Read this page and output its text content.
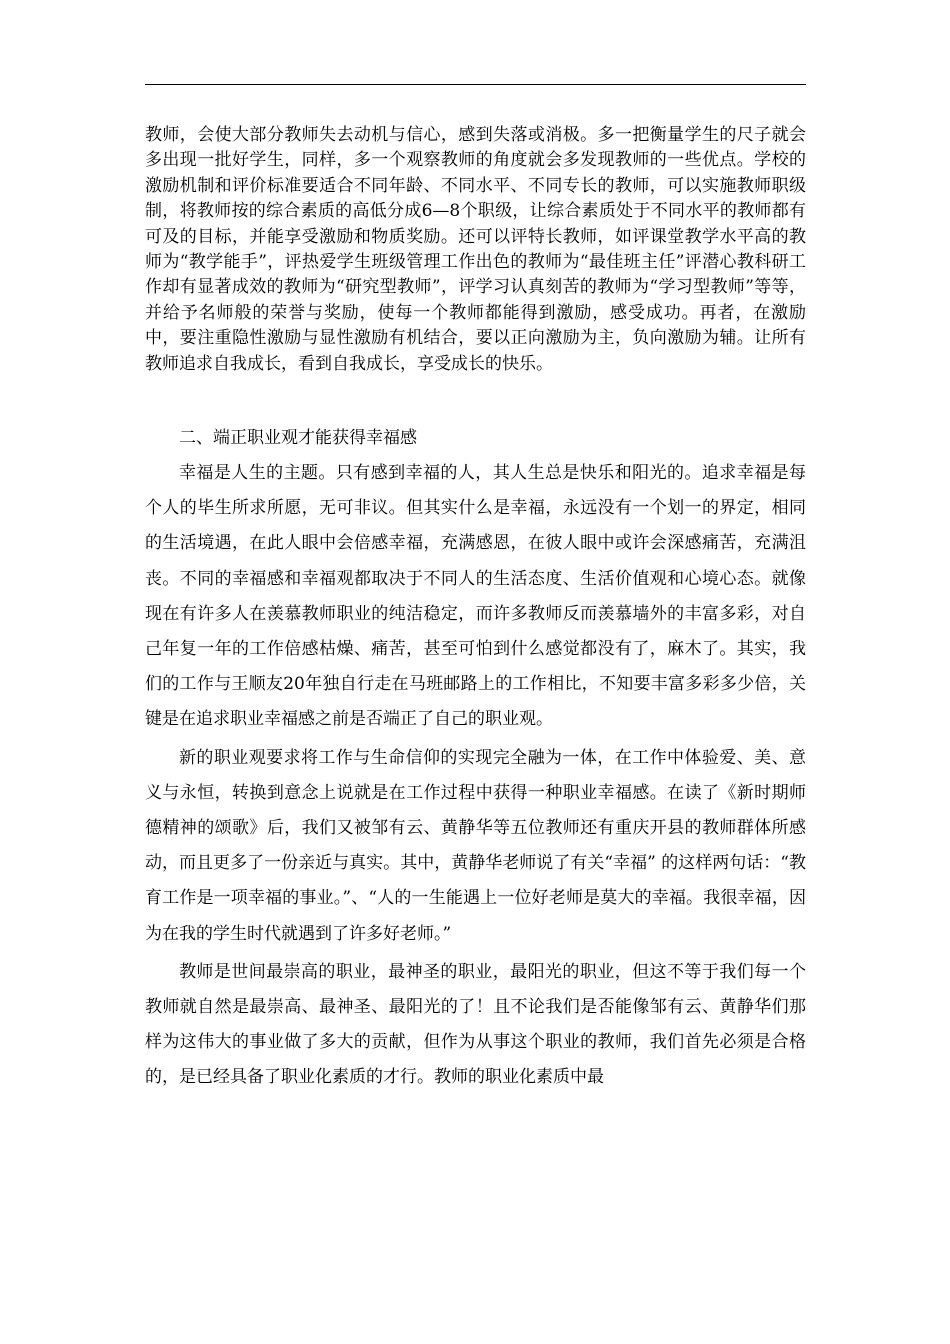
教师，会使大部分教师失去动机与信心，感到失落或消极。多一把衡量学生的尺子就会多出现一批好学生，同样，多一个观察教师的角度就会多发现教师的一些优点。学校的激励机制和评价标准要适合不同年龄、不同水平、不同专长的教师，可以实施教师职级制，将教师按的综合素质的高低分成6—8个职级，让综合素质处于不同水平的教师都有可及的目标，并能享受激励和物质奖励。还可以评特长教师，如评课堂教学水平高的教师为“教学能手”，评热爱学生班级管理工作出色的教师为“最佳班主任”评潜心教科研工作却有显著成效的教师为“研究型教师”，评学习认真刻苦的教师为“学习型教师”等等，并给予名师般的荣誉与奖励，使每一个教师都能得到激励，感受成功。再者，在激励中，要注重隐性激励与显性激励有机结合，要以正向激励为主，负向激励为辅。让所有教师追求自我成长，看到自我成长，享受成长的快乐。

二、端正职业观才能获得幸福感

幸福是人生的主题。只有感到幸福的人，其人生总是快乐和阳光的。追求幸福是每个人的毕生所求所愿，无可非议。但其实什么是幸福，永远没有一个划一的界定，相同的生活境遇，在此人眼中会倍感幸福，充满感恩，在彼人眼中或许会深感痛苦，充满沮丧。不同的幸福感和幸福观都取决于不同人的生活态度、生活价值观和心境心态。就像现在有许多人在羡慕教师职业的纯洁稳定，而许多教师反而羡慕墙外的丰富多彩，对自己年复一年的工作倍感枯燥、痛苦，甚至可怕到什么感觉都没有了，麻木了。其实，我们的工作与王顺友20年独自行走在马班邮路上的工作相比，不知要丰富多彩多少倍，关键是在追求职业幸福感之前是否端正了自己的职业观。

新的职业观要求将工作与生命信仰的实现完全融为一体，在工作中体验爱、美、意义与永恒，转换到意念上说就是在工作过程中获得一种职业幸福感。在读了《新时期师德精神的颂歌》后，我们又被邹有云、黄静华等五位教师还有重庆开县的教师群体所感动，而且更多了一份亲近与真实。其中，黄静华老师说了有关“幸福” 的这样两句话：“教育工作是一项幸福的事业。”、“人的一生能遇上一位好老师是莫大的幸福。我很幸福，因为在我的学生时代就遇到了许多好老师。”

教师是世间最崇高的职业，最神圣的职业，最阳光的职业，但这不等于我们每一个教师就自然是最崇高、最神圣、最阳光的了！且不论我们是否能像邹有云、黄静华们那样为这伟大的事业做了多大的贡献，但作为从事这个职业的教师，我们首先必须是合格的，是已经具备了职业化素质的才行。教师的职业化素质中最
